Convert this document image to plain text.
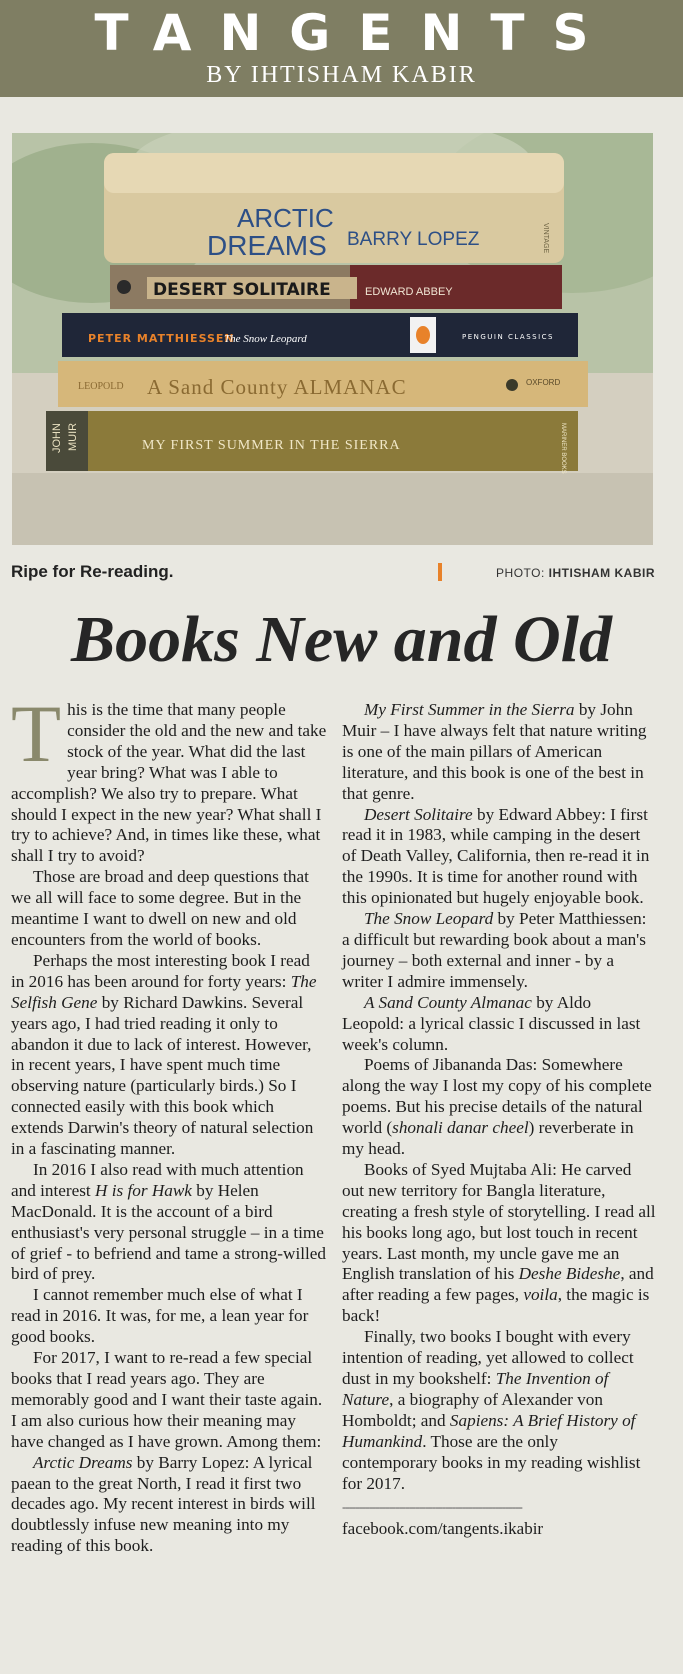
TANGENTS
BY IHTISHAM KABIR
ARCTIC
DREAMS BARRY LOPEZ	VINTAGE
DESERT SOLITAIRE	EDWARD ABBEY
PETER MATTHIESSEN
The Snow Leopard	PENGUIN CLASSICS
LEOPOLD A Sand County ALMANAC	OXFORD
JOHN MUIR	MY FIRST SUMMER IN THE SIERRA	MARINER BOOKS
Ripe for Re-reading.	PHOTO: IHTISHAM KABIR
Books New and Old

This is the time that many people consider the old and the new and take stock of the year. What did the last year bring? What was I able to accomplish? We also try to prepare. What should I expect in the new year? What shall I try to achieve? And, in times like these, what shall I try to avoid?

Those are broad and deep questions that we all will face to some degree. But in the meantime I want to dwell on new and old encounters from the world of books.

Perhaps the most interesting book I read in 2016 has been around for forty years: The Selfish Gene by Richard Dawkins. Several years ago, I had tried reading it only to abandon it due to lack of interest. However, in recent years, I have spent much time observing nature (particularly birds.) So I connected easily with this book which extends Darwin's theory of natural selection in a fascinating manner.

In 2016 I also read with much attention and interest H is for Hawk by Helen MacDonald. It is the account of a bird enthusiast's very personal struggle – in a time of grief - to befriend and tame a strong-willed bird of prey.

I cannot remember much else of what I read in 2016. It was, for me, a lean year for good books.

For 2017, I want to re-read a few special books that I read years ago. They are memorably good and I want their taste again. I am also curious how their meaning may have changed as I have grown. Among them:

Arctic Dreams by Barry Lopez: A lyrical paean to the great North, I read it first two decades ago. My recent interest in birds will doubtlessly infuse new meaning into my reading of this book.

My First Summer in the Sierra by John Muir – I have always felt that nature writing is one of the main pillars of American literature, and this book is one of the best in that genre.

Desert Solitaire by Edward Abbey: I first read it in 1983, while camping in the desert of Death Valley, California, then re-read it in the 1990s. It is time for another round with this opinionated but hugely enjoyable book.

The Snow Leopard by Peter Matthiessen: a difficult but rewarding book about a man's journey – both external and inner - by a writer I admire immensely.

A Sand County Almanac by Aldo Leopold: a lyrical classic I discussed in last week's column.

Poems of Jibananda Das: Somewhere along the way I lost my copy of his complete poems. But his precise details of the natural world (shonali danar cheel) reverberate in my head.

Books of Syed Mujtaba Ali: He carved out new territory for Bangla literature, creating a fresh style of storytelling. I read all his books long ago, but lost touch in recent years. Last month, my uncle gave me an English translation of his Deshe Bideshe, and after reading a few pages, voila, the magic is back!

Finally, two books I bought with every intention of reading, yet allowed to collect dust in my bookshelf: The Invention of Nature, a biography of Alexander von Homboldt; and Sapiens: A Brief History of Humankind. Those are the only contemporary books in my reading wishlist for 2017.

------------------------------------------------------
facebook.com/tangents.ikabir
